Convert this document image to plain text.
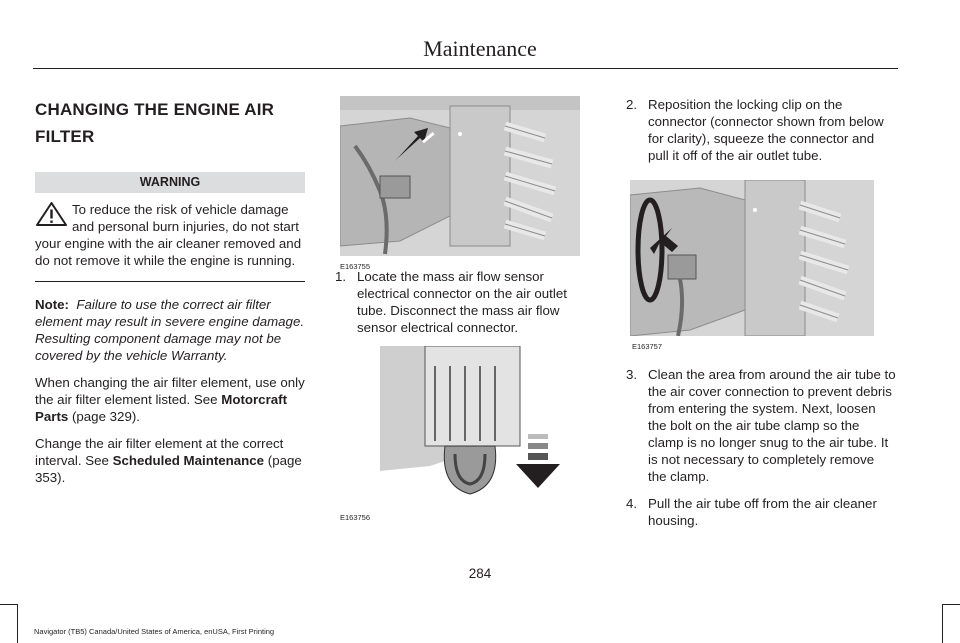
Maintenance
CHANGING THE ENGINE AIR
FILTER
WARNING
To reduce the risk of vehicle damage and personal burn injuries, do not start your engine with the air cleaner removed and do not remove it while the engine is running.
Note: Failure to use the correct air filter element may result in severe engine damage. Resulting component damage may not be covered by the vehicle Warranty.

When changing the air filter element, use only the air filter element listed. See Motorcraft Parts (page 329).

Change the air filter element at the correct interval. See Scheduled Maintenance (page 353).

E163755
1. Locate the mass air flow sensor electrical connector on the air outlet tube. Disconnect the mass air flow sensor electrical connector.
E163756
2. Reposition the locking clip on the connector (connector shown from below for clarity), squeeze the connector and pull it off of the air outlet tube.
E163757
3. Clean the area from around the air tube to the air cover connection to prevent debris from entering the system. Next, loosen the bolt on the air tube clamp so the clamp is no longer snug to the air tube. It is not necessary to completely remove the clamp.
4. Pull the air tube off from the air cleaner housing.
284
Navigator (TB5) Canada/United States of America, enUSA, First Printing
